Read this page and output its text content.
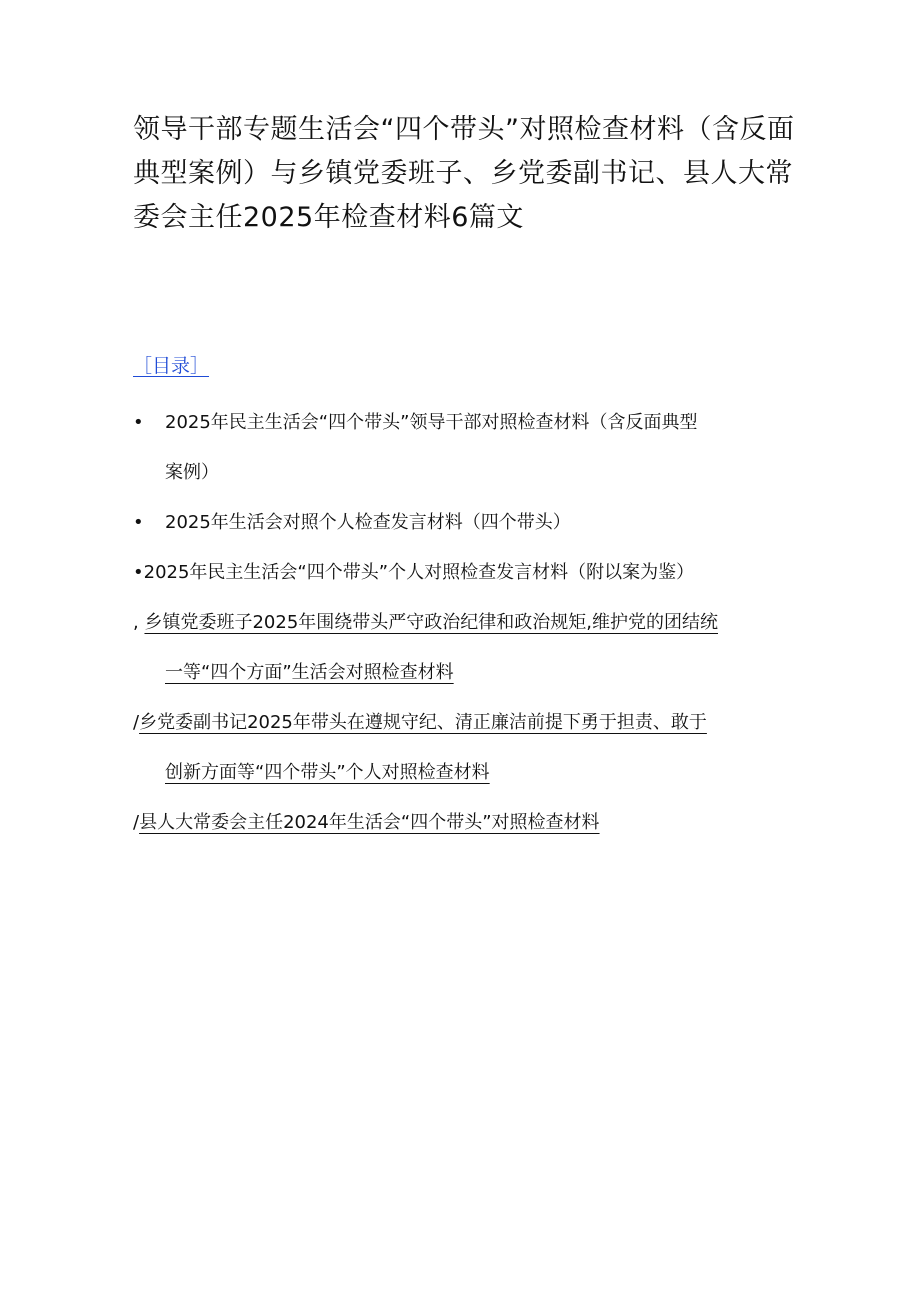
领导干部专题生活会“四个带头”对照检查材料（含反面典型案例）与乡镇党委班子、乡党委副书记、县人大常委会主任2025年检查材料6篇文
［目录］
• 2025年民主生活会“四个带头”领导干部对照检查材料（含反面典型
案例）
• 2025年生活会对照个人检查发言材料（四个带头）
•2025年民主生活会“四个带头”个人对照检查发言材料（附以案为鉴）
, 乡镇党委班子2025年围绕带头严守政治纪律和政治规矩,维护党的团结统
一等“四个方面”生活会对照检查材料
/乡党委副书记2025年带头在遵规守纪、清正廉洁前提下勇于担责、敢于
创新方面等“四个带头”个人对照检查材料
/县人大常委会主任2024年生活会“四个带头”对照检查材料
